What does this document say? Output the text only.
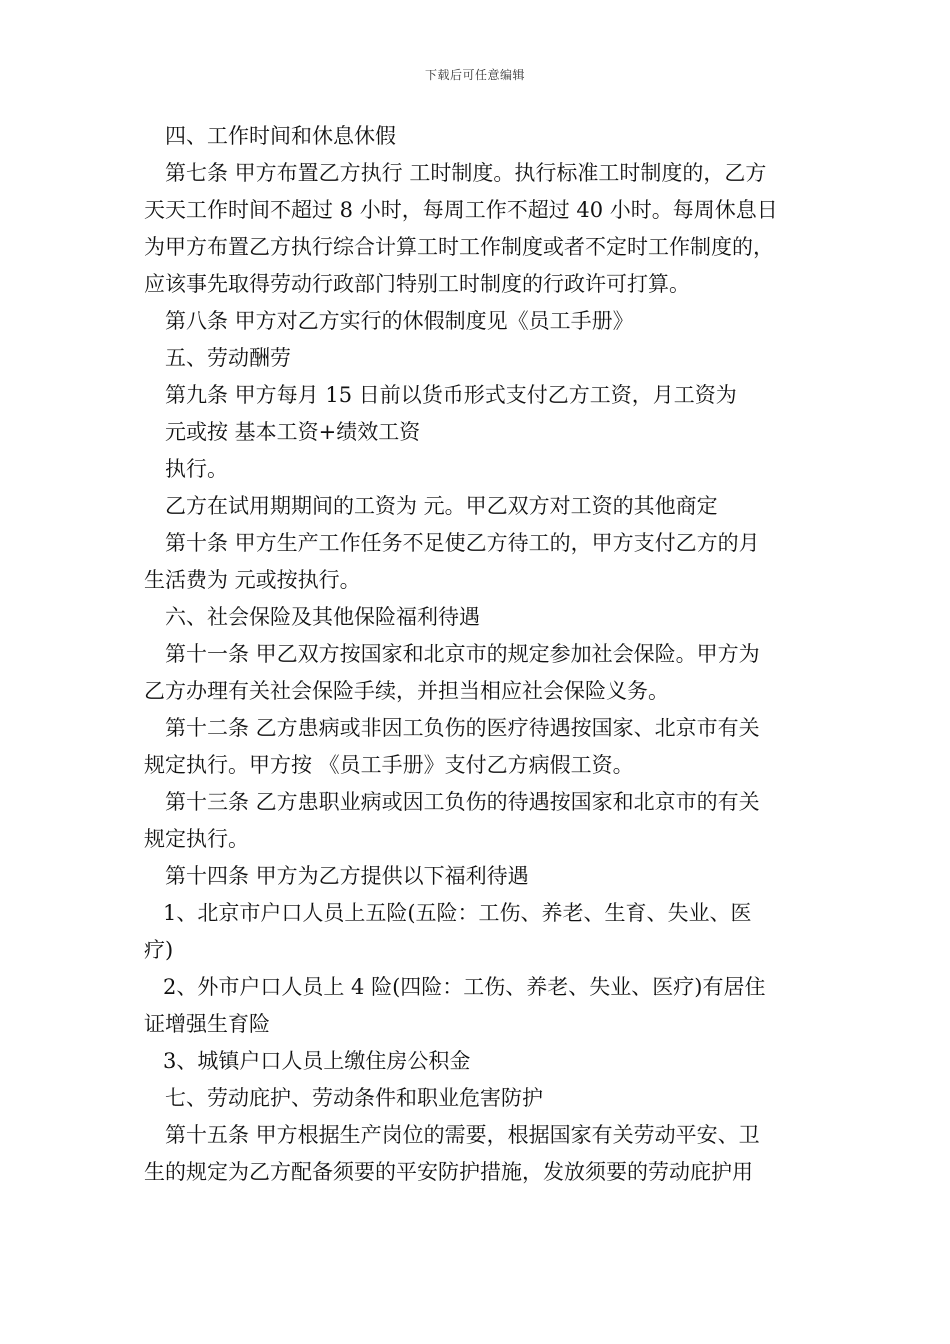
下载后可任意编辑
四、工作时间和休息休假
第七条 甲方布置乙方执行 工时制度。执行标准工时制度的，乙方
天天工作时间不超过 8 小时，每周工作不超过 40 小时。每周休息日
为甲方布置乙方执行综合计算工时工作制度或者不定时工作制度的，
应该事先取得劳动行政部门特别工时制度的行政许可打算。
第八条 甲方对乙方实行的休假制度见《员工手册》
五、劳动酬劳
第九条 甲方每月 15 日前以货币形式支付乙方工资，月工资为
元或按 基本工资+绩效工资
执行。
乙方在试用期期间的工资为 元。甲乙双方对工资的其他商定
第十条 甲方生产工作任务不足使乙方待工的，甲方支付乙方的月
生活费为 元或按执行。
六、社会保险及其他保险福利待遇
第十一条 甲乙双方按国家和北京市的规定参加社会保险。甲方为
乙方办理有关社会保险手续，并担当相应社会保险义务。
第十二条 乙方患病或非因工负伤的医疗待遇按国家、北京市有关
规定执行。甲方按 《员工手册》支付乙方病假工资。
第十三条 乙方患职业病或因工负伤的待遇按国家和北京市的有关
规定执行。
第十四条 甲方为乙方提供以下福利待遇
1、北京市户口人员上五险(五险：工伤、养老、生育、失业、医
疗)
2、外市户口人员上 4 险(四险：工伤、养老、失业、医疗)有居住
证增强生育险
3、城镇户口人员上缴住房公积金
七、劳动庇护、劳动条件和职业危害防护
第十五条 甲方根据生产岗位的需要，根据国家有关劳动平安、卫
生的规定为乙方配备须要的平安防护措施，发放须要的劳动庇护用
